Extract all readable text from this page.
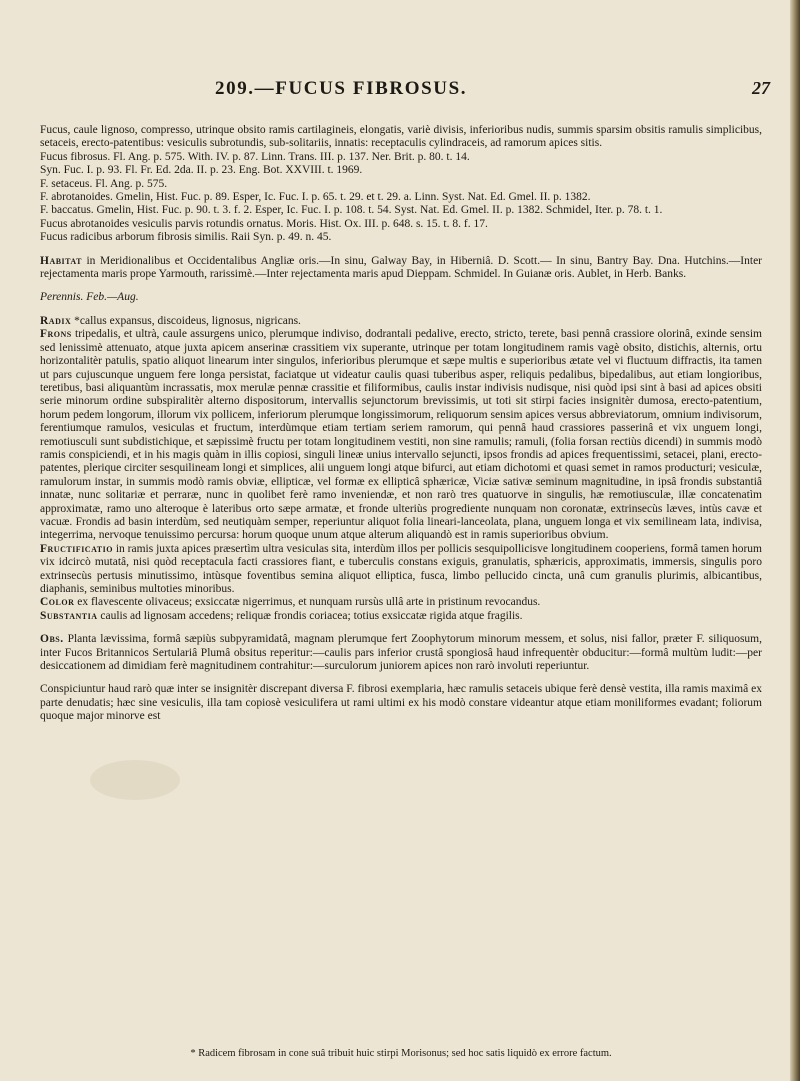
209.—FUCUS FIBROSUS.	27

Fucus, caule lignoso, compresso, utrinque obsito ramis cartilagineis, elongatis, variè divisis, inferioribus nudis, summis sparsim obsitis ramulis simplicibus, setaceis, erecto-patentibus: vesiculis subrotundis, sub-solitariis, innatis: receptaculis cylindraceis, ad ramorum apices sitis.

Fucus fibrosus. Fl. Ang. p. 575. With. IV. p. 87. Linn. Trans. III. p. 137. Ner. Brit. p. 80. t. 14.

Syn. Fuc. I. p. 93. Fl. Fr. Ed. 2da. II. p. 23. Eng. Bot. XXVIII. t. 1969.

F. setaceus. Fl. Ang. p. 575.

F. abrotanoides. Gmelin, Hist. Fuc. p. 89. Esper, Ic. Fuc. I. p. 65. t. 29. et t. 29. a. Linn. Syst. Nat. Ed. Gmel. II. p. 1382.

F. baccatus. Gmelin, Hist. Fuc. p. 90. t. 3. f. 2. Esper, Ic. Fuc. I. p. 108. t. 54. Syst. Nat. Ed. Gmel. II. p. 1382. Schmidel, Iter. p. 78. t. 1.

Fucus abrotanoides vesiculis parvis rotundis ornatus. Moris. Hist. Ox. III. p. 648. s. 15. t. 8. f. 17.

Fucus radicibus arborum fibrosis similis. Raii Syn. p. 49. n. 45.

Habitat in Meridionalibus et Occidentalibus Angliæ oris.—In sinu, Galway Bay, in Hiberniâ. D. Scott.— In sinu, Bantry Bay. Dna. Hutchins.—Inter rejectamenta maris prope Yarmouth, rarissimè.—Inter rejectamenta maris apud Dieppam. Schmidel. In Guianæ oris. Aublet, in Herb. Banks.

Perennis. Feb.—Aug.

Radix *callus expansus, discoideus, lignosus, nigricans.

Frons tripedalis, et ultrà, caule assurgens unico, plerumque indiviso, dodrantali pedalive, erecto, stricto, terete, basi pennâ crassiore olorinâ, exinde sensim sed lenissimè attenuato, atque juxta apicem anserinæ crassitiem vix superante, utrinque per totam longitudinem ramis vagè obsito, distichis, alternis, ortu horizontalitèr patulis, spatio aliquot linearum inter singulos, inferioribus plerumque et sæpe multis e superioribus ætate vel vi fluctuum diffractis, ita tamen ut pars cujuscunque unguem fere longa persistat, faciatque ut videatur caulis quasi tuberibus asper, reliquis pedalibus, bipedalibus, aut etiam longioribus, teretibus, basi aliquantùm incrassatis, mox merulæ pennæ crassitie et filiformibus, caulis instar indivisis nudisque, nisi quòd ipsi sint à basi ad apices obsiti serie minorum ordine subspiralitèr alterno dispositorum, intervallis sejunctorum brevissimis, ut toti sit stirpi facies insignitèr dumosa, erecto-patentium, horum pedem longorum, illorum vix pollicem, inferiorum plerumque longissimorum, reliquorum sensim apices versus abbreviatorum, omnium indivisorum, ferentiumque ramulos, vesiculas et fructum, interdùmque etiam tertiam seriem ramorum, qui pennâ haud crassiores passerinâ et vix unguem longi, remotiusculi sunt subdistichique, et sæpissimè fructu per totam longitudinem vestiti, non sine ramulis; ramuli, (folia forsan rectiùs dicendi) in summis modò ramis conspiciendi, et in his magis quàm in illis copiosi, singuli lineæ unius intervallo sejuncti, ipsos frondis ad apices frequentissimi, setacei, plani, erecto-patentes, plerique circiter sesquilineam longi et simplices, alii unguem longi atque bifurci, aut etiam dichotomi et quasi semet in ramos producturi; vesiculæ, ramulorum instar, in summis modò ramis obviæ, ellipticæ, vel formæ ex ellipticâ sphæricæ, Viciæ sativæ seminum magnitudine, in ipsâ frondis substantiâ innatæ, nunc solitariæ et perraræ, nunc in quolibet ferè ramo inveniendæ, et non rarò tres quatuorve in singulis, hæ remotiusculæ, illæ concatenatìm approximatæ, ramo uno alteroque è lateribus orto sæpe armatæ, et fronde ulteriùs progrediente nunquam non coronatæ, extrinsecùs læves, intùs cavæ et vacuæ. Frondis ad basin interdùm, sed neutiquàm semper, reperiuntur aliquot folia lineari-lanceolata, plana, unguem longa et vix semilineam lata, indivisa, integerrima, nervoque tenuissimo percursa: horum quoque unum atque alterum aliquandò est in ramis superioribus obvium.

Fructificatio in ramis juxta apices præsertìm ultra vesiculas sita, interdùm illos per pollicis sesquipollicisve longitudinem cooperiens, formâ tamen horum vix idcircò mutatâ, nisi quòd receptacula facti crassiores fiant, e tuberculis constans exiguis, granulatis, sphæricis, approximatis, immersis, singulis poro extrinsecùs pertusis minutissimo, intùsque foventibus semina aliquot elliptica, fusca, limbo pellucido cincta, unâ cum granulis plurimis, albicantibus, diaphanis, seminibus multoties minoribus.

Color ex flavescente olivaceus; exsiccatæ nigerrimus, et nunquam rursùs ullâ arte in pristinum revocandus.

Substantia caulis ad lignosam accedens; reliquæ frondis coriacea; totius exsiccatæ rigida atque fragilis.

Obs. Planta lævissima, formâ sæpiùs subpyramidatâ, magnam plerumque fert Zoophytorum minorum messem, et solus, nisi fallor, præter F. siliquosum, inter Fucos Britannicos Sertulariâ Plumâ obsitus reperitur:—caulis pars inferior crustâ spongiosâ haud infrequentèr obducitur:—formâ multùm ludit:—per desiccationem ad dimidiam ferè magnitudinem contrahitur:—surculorum juniorem apices non rarò involuti reperiuntur.

Conspiciuntur haud rarò quæ inter se insignitèr discrepant diversa F. fibrosi exemplaria, hæc ramulis setaceis ubique ferè densè vestita, illa ramis maximâ ex parte denudatis; hæc sine vesiculis, illa tam copiosè vesiculifera ut rami ultimi ex his modò constare videantur atque etiam moniliformes evadant; foliorum quoque major minorve est

* Radicem fibrosam in cone suâ tribuit huic stirpi Morisonus; sed hoc satis liquidò ex errore factum.
